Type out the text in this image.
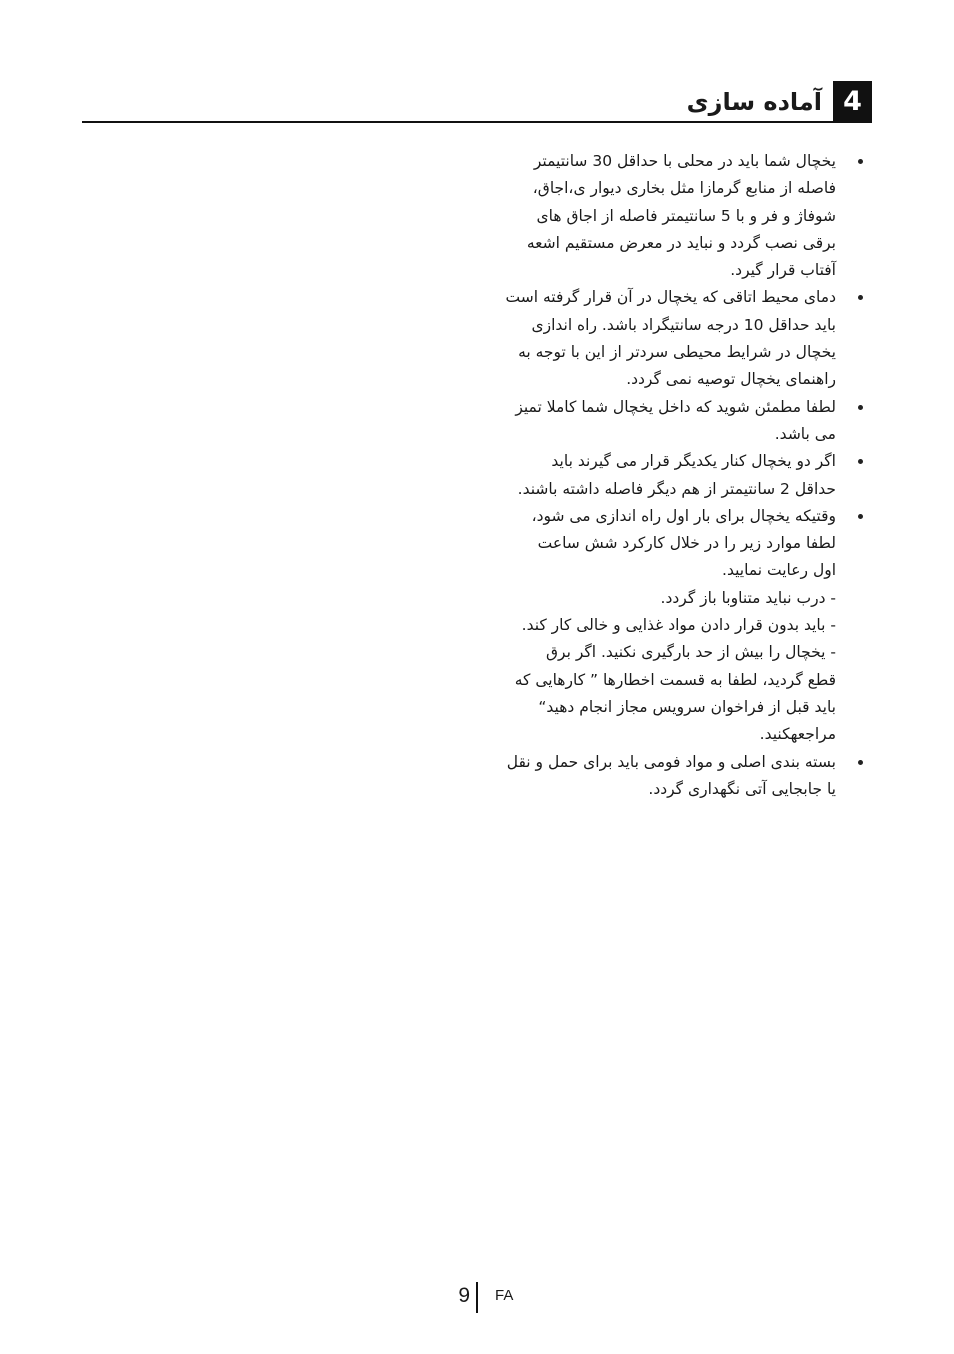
4
آماده سازی
یخچال شما باید در محلی با حداقل 30 سانتیمتر
فاصله از منابع گرمازا مثل بخاری دیوار ی،اجاق،
شوفاژ و فر و با 5 سانتیمتر فاصله از اجاق های
برقی نصب گردد و نباید در معرض مستقیم اشعه
آفتاب قرار گیرد.
دمای محیط اتاقی که یخچال در آن قرار گرفته است
باید حداقل 10 درجه سانتیگراد باشد. راه اندازی
یخچال در شرایط محیطی سردتر از این با توجه به
راهنمای یخچال توصیه نمی گردد.
لطفا مطمئن شوید که داخل یخچال شما کاملا تمیز
می باشد.
اگر دو یخچال کنار یکدیگر قرار می گیرند باید
حداقل 2 سانتیمتر از هم دیگر فاصله داشته باشند.
وقتیکه یخچال برای بار اول راه اندازی می شود،
لطفا موارد زیر را در خلال کارکرد شش ساعت
اول رعایت نمایید.
- درب نباید متناوبا باز گردد.
- باید بدون قرار دادن مواد غذایی و خالی کار کند.
- یخچال را بیش از حد بارگیری نکنید. اگر برق
قطع گردید، لطفا به قسمت اخطارها ” کارهایی که
باید قبل از فراخوان سرویس مجاز انجام دهید“
مراجعهکنید.
بسته بندی اصلی و مواد فومی باید برای حمل و نقل
یا جابجایی آتی نگهداری گردد.
9 FA
